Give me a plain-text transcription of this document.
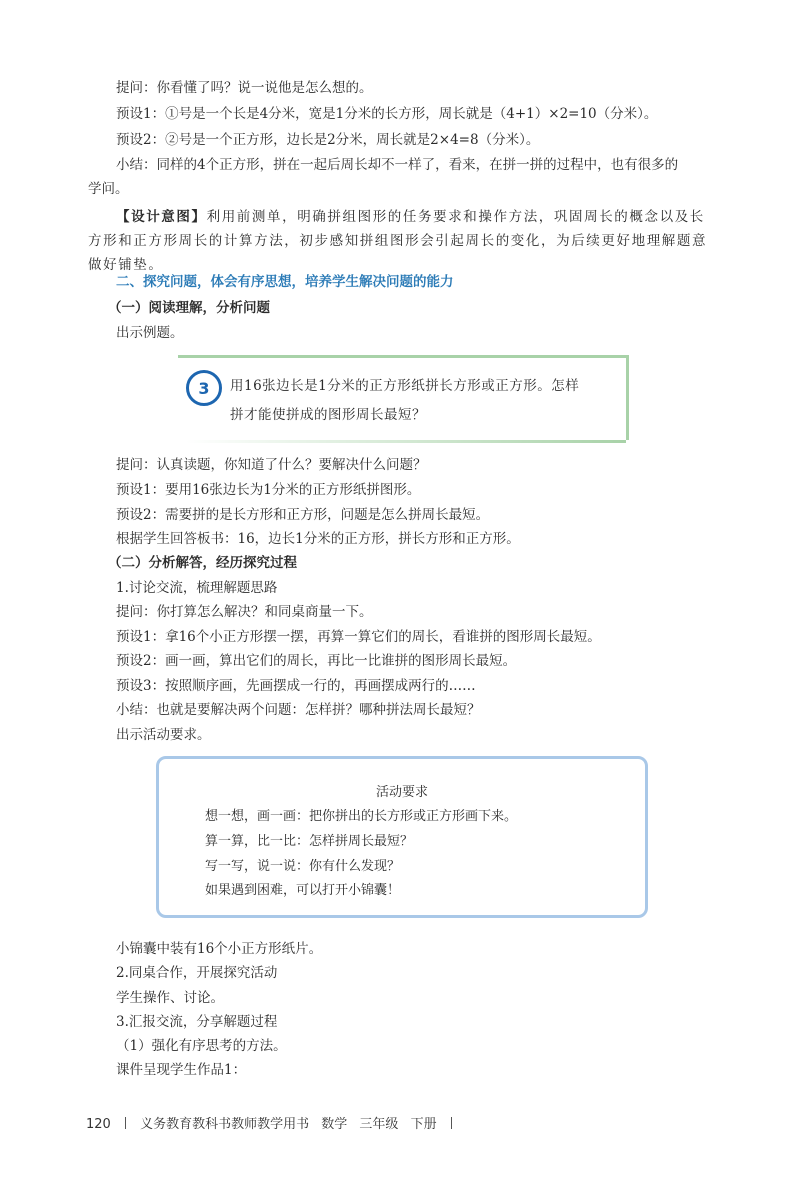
提问：你看懂了吗？说一说他是怎么想的。
预设1：①号是一个长是4分米，宽是1分米的长方形，周长就是（4+1）×2=10（分米）。
预设2：②号是一个正方形，边长是2分米，周长就是2×4=8（分米）。
小结：同样的4个正方形，拼在一起后周长却不一样了，看来，在拼一拼的过程中，也有很多的
学问。
【设计意图】利用前测单，明确拼组图形的任务要求和操作方法，巩固周长的概念以及长方形和正方形周长的计算方法，初步感知拼组图形会引起周长的变化，为后续更好地理解题意做好铺垫。
二、探究问题，体会有序思想，培养学生解决问题的能力
（一）阅读理解，分析问题
出示例题。
3	用16张边长是1分米的正方形纸拼长方形或正方形。怎样
拼才能使拼成的图形周长最短？
提问：认真读题，你知道了什么？要解决什么问题？
预设1：要用16张边长为1分米的正方形纸拼图形。
预设2：需要拼的是长方形和正方形，问题是怎么拼周长最短。
根据学生回答板书：16，边长1分米的正方形，拼长方形和正方形。
（二）分析解答，经历探究过程
1.讨论交流，梳理解题思路
提问：你打算怎么解决？和同桌商量一下。
预设1：拿16个小正方形摆一摆，再算一算它们的周长，看谁拼的图形周长最短。
预设2：画一画，算出它们的周长，再比一比谁拼的图形周长最短。
预设3：按照顺序画，先画摆成一行的，再画摆成两行的……
小结：也就是要解决两个问题：怎样拼？哪种拼法周长最短？
出示活动要求。
活动要求
想一想，画一画：把你拼出的长方形或正方形画下来。
算一算，比一比：怎样拼周长最短？
写一写，说一说：你有什么发现？
如果遇到困难，可以打开小锦囊！
小锦囊中装有16个小正方形纸片。
2.同桌合作，开展探究活动
学生操作、讨论。
3.汇报交流，分享解题过程
（1）强化有序思考的方法。
课件呈现学生作品1：
120 义务教育教科书教师教学用书 数学 三年级 下册
